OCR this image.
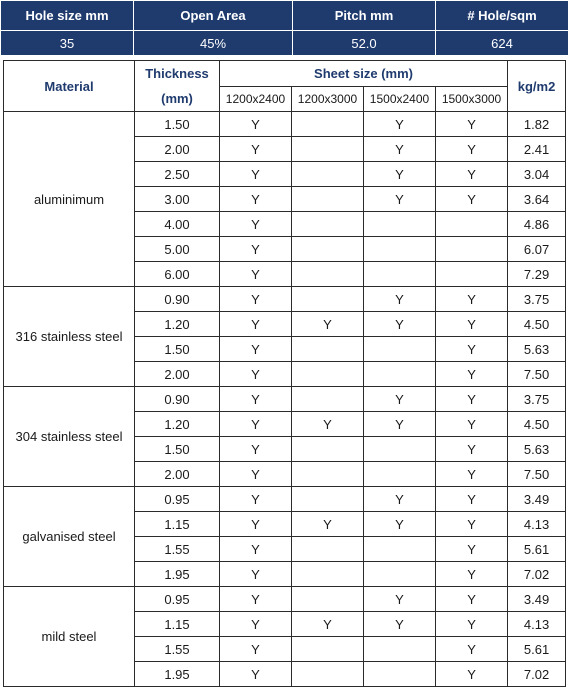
Hole size mm	Open Area	Pitch mm	# Hole/sqm
35	45%	52.0	624
Material	Thickness	Sheet size (mm)				kg/m2
	(mm)	1200x2400	1200x3000	1500x2400	1500x3000	
aluminimum	1.50	Y		Y	Y	1.82
	2.00	Y		Y	Y	2.41
	2.50	Y		Y	Y	3.04
	3.00	Y		Y	Y	3.64
	4.00	Y				4.86
	5.00	Y				6.07
	6.00	Y				7.29
316 stainless steel	0.90	Y		Y	Y	3.75
	1.20	Y	Y	Y	Y	4.50
	1.50	Y			Y	5.63
	2.00	Y			Y	7.50
304 stainless steel	0.90	Y		Y	Y	3.75
	1.20	Y	Y	Y	Y	4.50
	1.50	Y			Y	5.63
	2.00	Y			Y	7.50
galvanised steel	0.95	Y		Y	Y	3.49
	1.15	Y	Y	Y	Y	4.13
	1.55	Y			Y	5.61
	1.95	Y			Y	7.02
mild steel	0.95	Y		Y	Y	3.49
	1.15	Y	Y	Y	Y	4.13
	1.55	Y			Y	5.61
	1.95	Y			Y	7.02
